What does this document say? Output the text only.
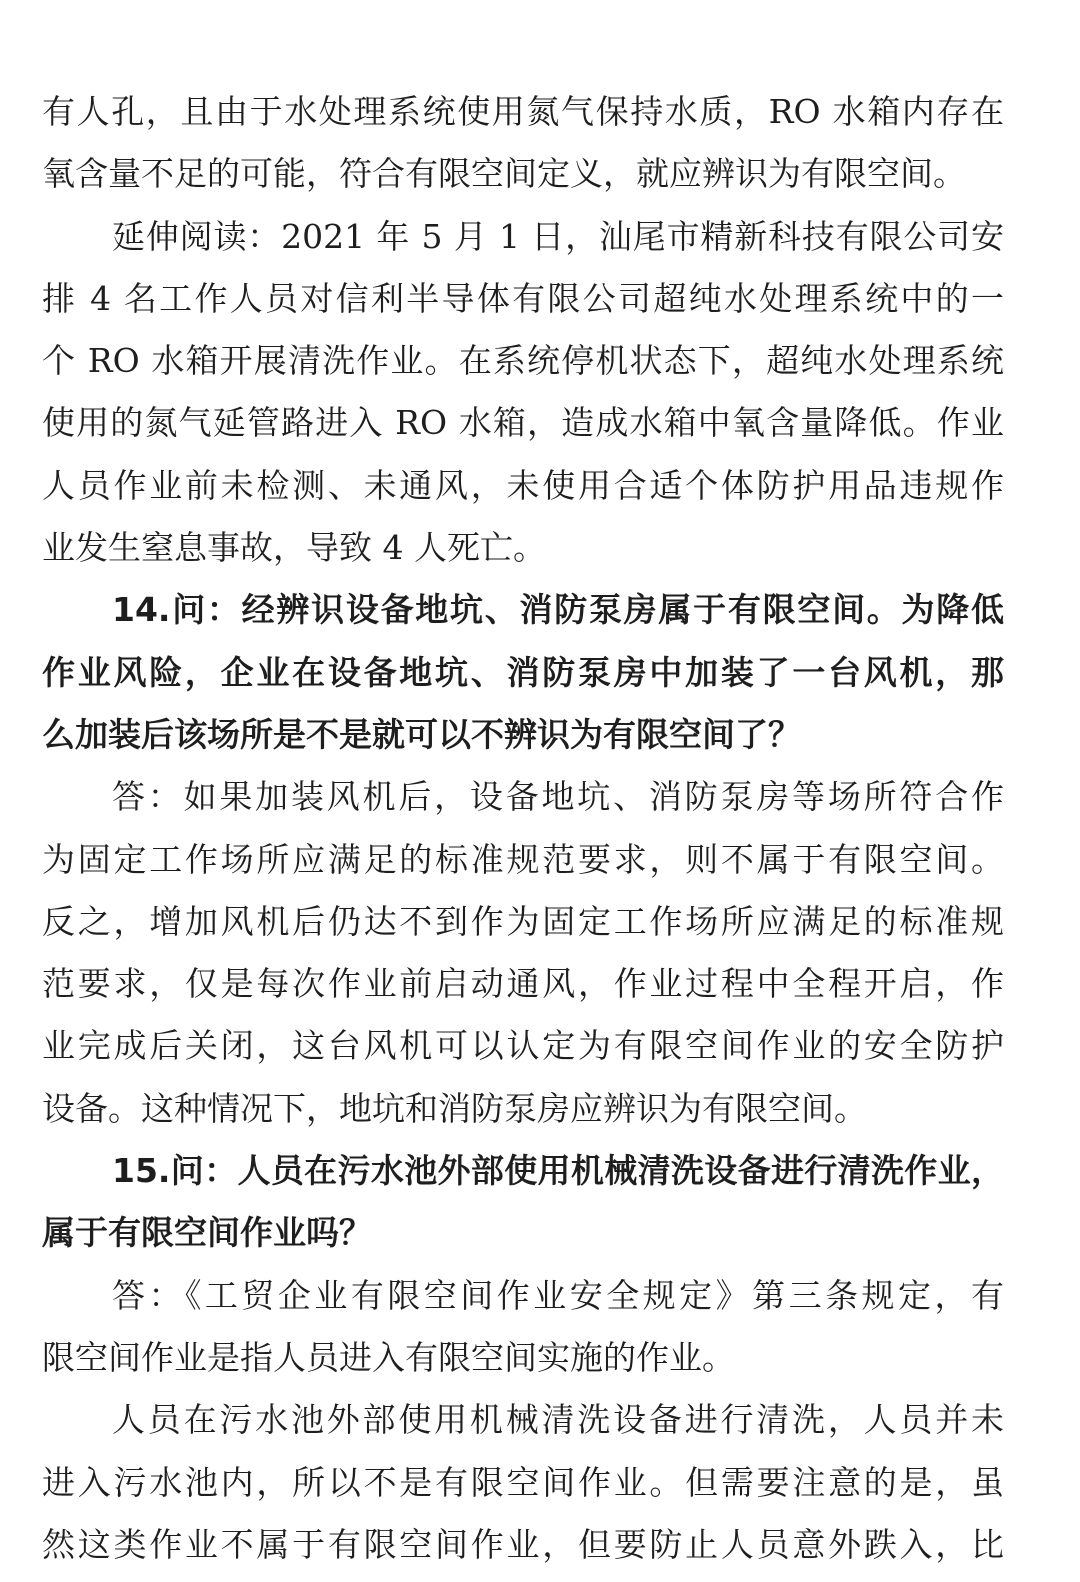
有人孔，且由于水处理系统使用氮气保持水质，RO 水箱内存在
氧含量不足的可能，符合有限空间定义，就应辨识为有限空间。
延伸阅读：2021 年 5 月 1 日，汕尾市精新科技有限公司安
排 4 名工作人员对信利半导体有限公司超纯水处理系统中的一
个 RO 水箱开展清洗作业。在系统停机状态下，超纯水处理系统
使用的氮气延管路进入 RO 水箱，造成水箱中氧含量降低。作业
人员作业前未检测、未通风，未使用合适个体防护用品违规作
业发生窒息事故，导致 4 人死亡。
14.问：经辨识设备地坑、消防泵房属于有限空间。为降低
作业风险，企业在设备地坑、消防泵房中加装了一台风机，那
么加装后该场所是不是就可以不辨识为有限空间了？
答：如果加装风机后，设备地坑、消防泵房等场所符合作
为固定工作场所应满足的标准规范要求，则不属于有限空间。
反之，增加风机后仍达不到作为固定工作场所应满足的标准规
范要求，仅是每次作业前启动通风，作业过程中全程开启，作
业完成后关闭，这台风机可以认定为有限空间作业的安全防护
设备。这种情况下，地坑和消防泵房应辨识为有限空间。
15.问：人员在污水池外部使用机械清洗设备进行清洗作业，
属于有限空间作业吗？
答：《工贸企业有限空间作业安全规定》第三条规定，有
限空间作业是指人员进入有限空间实施的作业。
人员在污水池外部使用机械清洗设备进行清洗，人员并未
进入污水池内，所以不是有限空间作业。但需要注意的是，虽
然这类作业不属于有限空间作业，但要防止人员意外跌入，比
